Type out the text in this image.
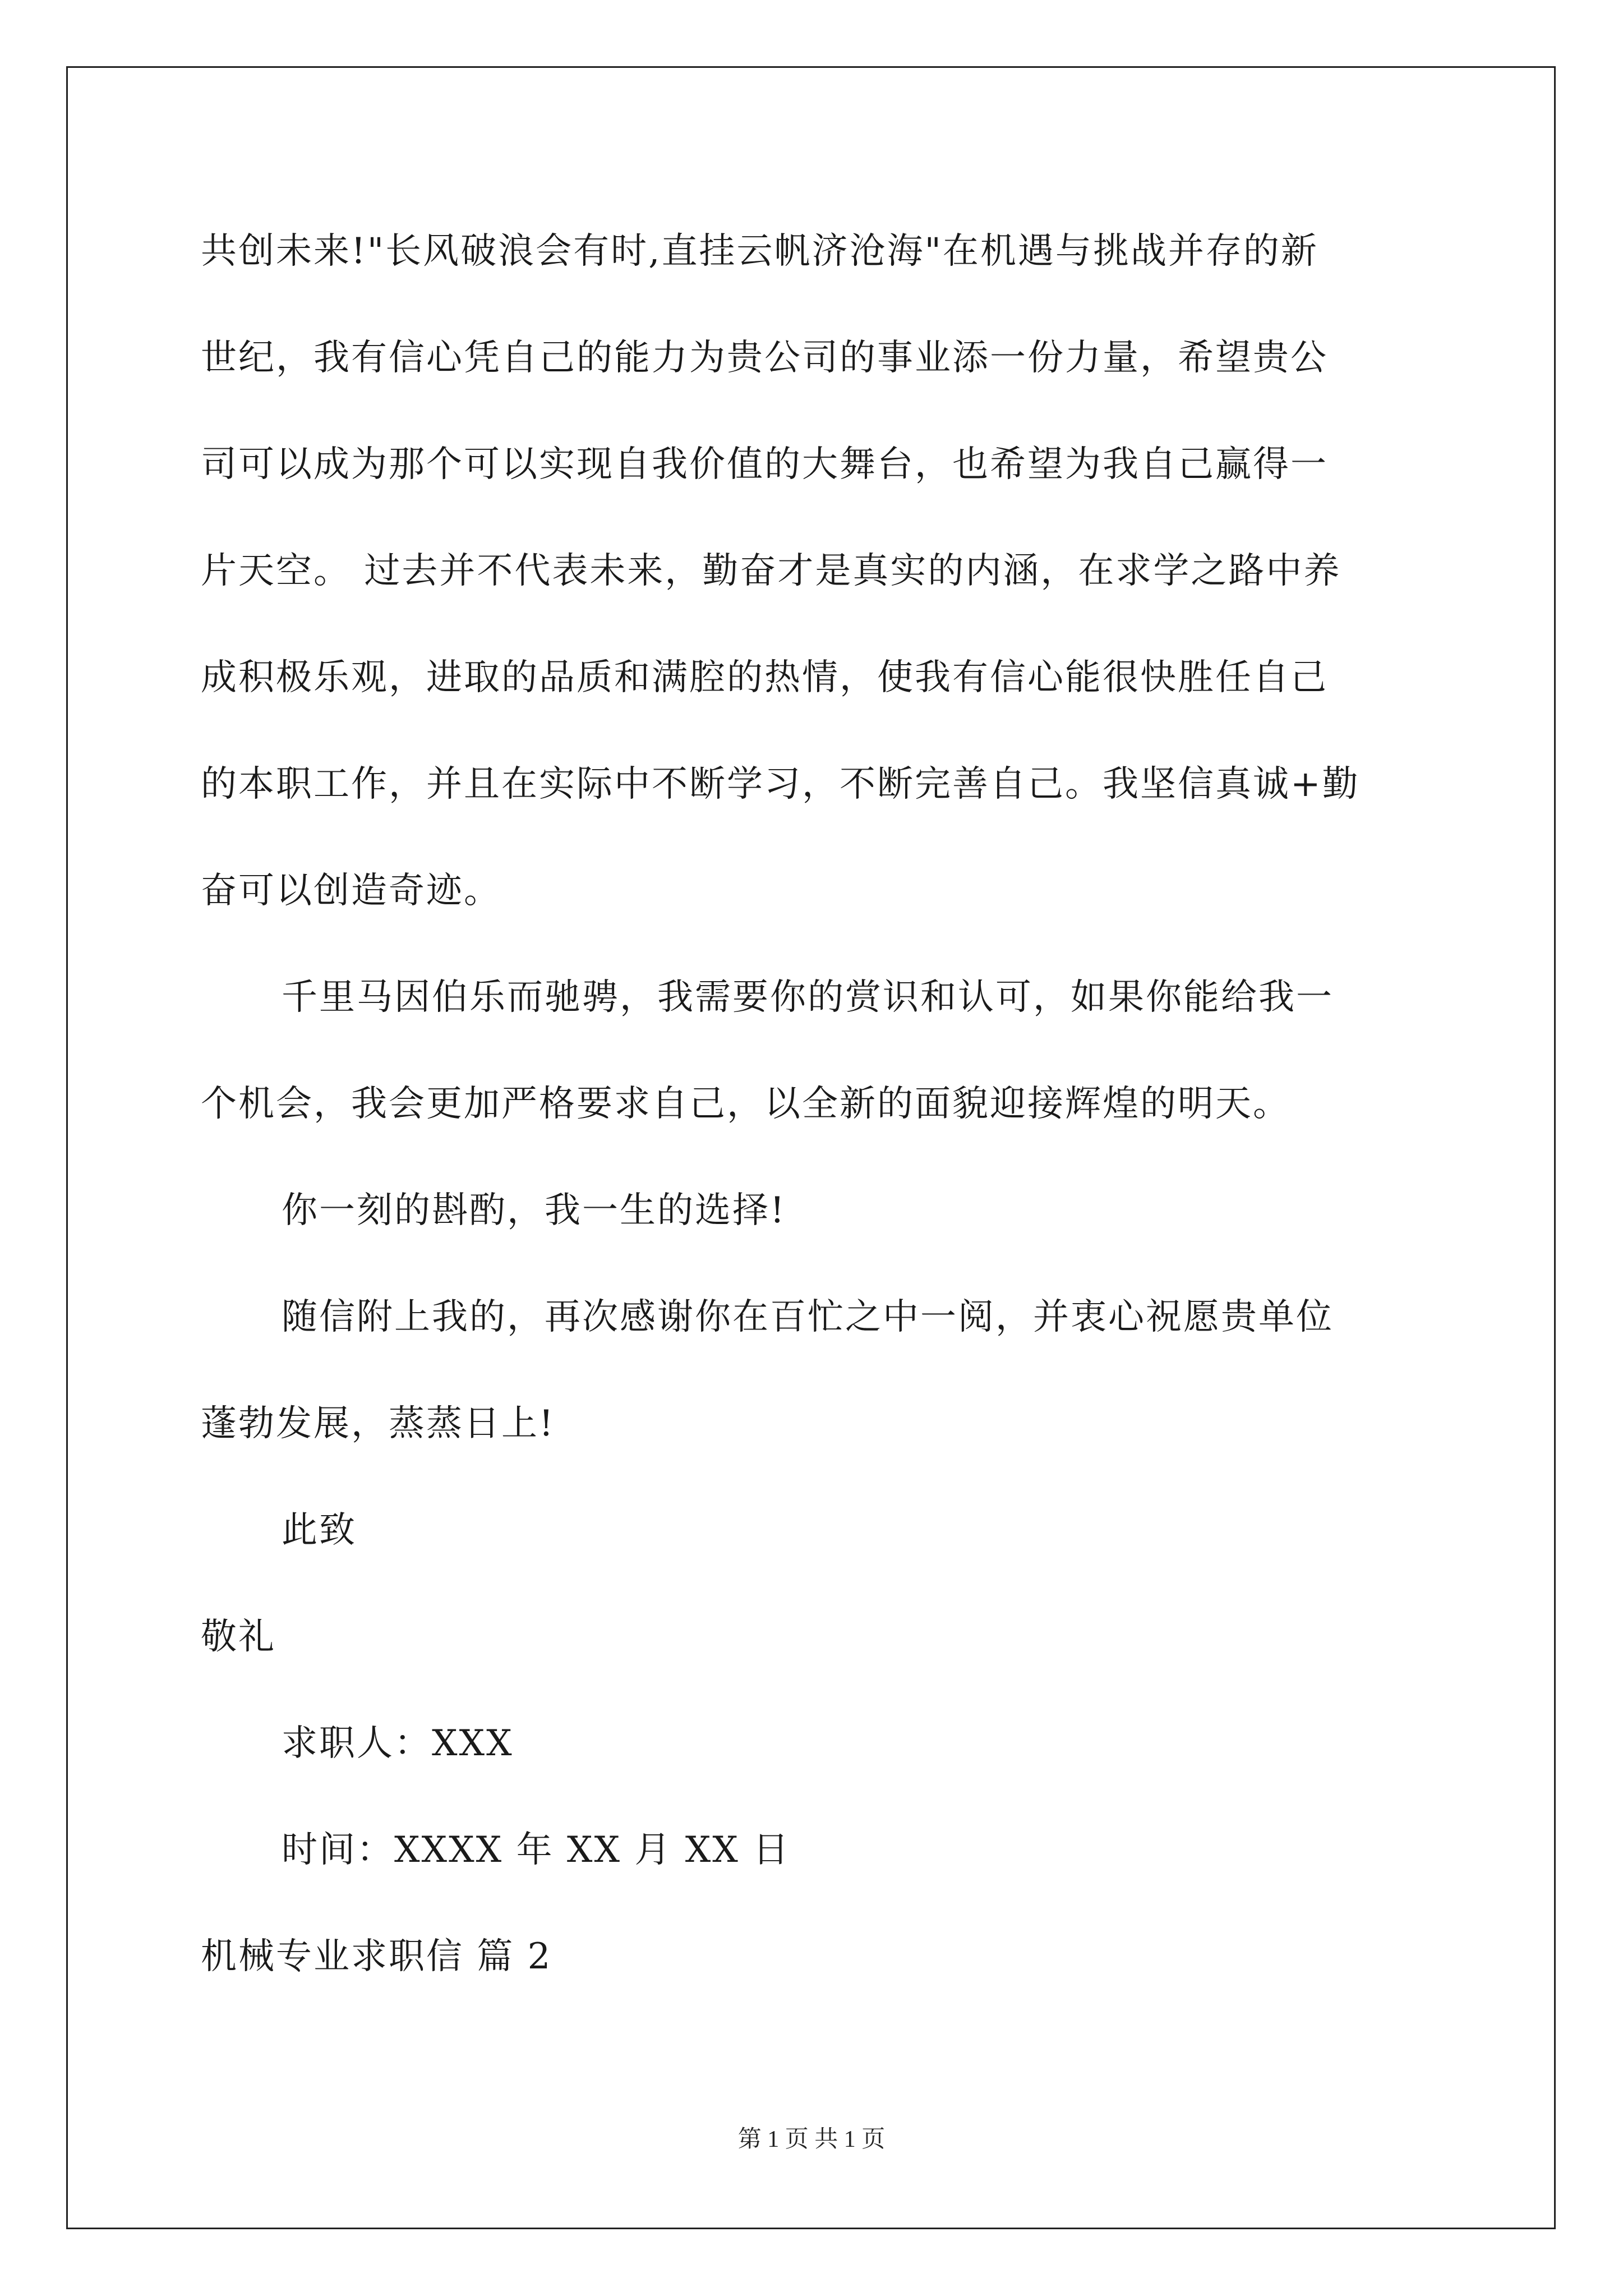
共创未来!"长风破浪会有时,直挂云帆济沧海"在机遇与挑战并存的新
世纪，我有信心凭自己的能力为贵公司的事业添一份力量，希望贵公
司可以成为那个可以实现自我价值的大舞台，也希望为我自己赢得一
片天空。 过去并不代表未来，勤奋才是真实的内涵，在求学之路中养
成积极乐观，进取的品质和满腔的热情，使我有信心能很快胜任自己
的本职工作，并且在实际中不断学习，不断完善自己。我坚信真诚+勤
奋可以创造奇迹。
千里马因伯乐而驰骋，我需要你的赏识和认可，如果你能给我一
个机会，我会更加严格要求自己，以全新的面貌迎接辉煌的明天。
你一刻的斟酌，我一生的选择!
随信附上我的，再次感谢你在百忙之中一阅，并衷心祝愿贵单位
蓬勃发展，蒸蒸日上!
此致
敬礼
求职人：XXX
时间：XXXX 年 XX 月 XX 日
机械专业求职信 篇 2
第 1 页 共 1 页
